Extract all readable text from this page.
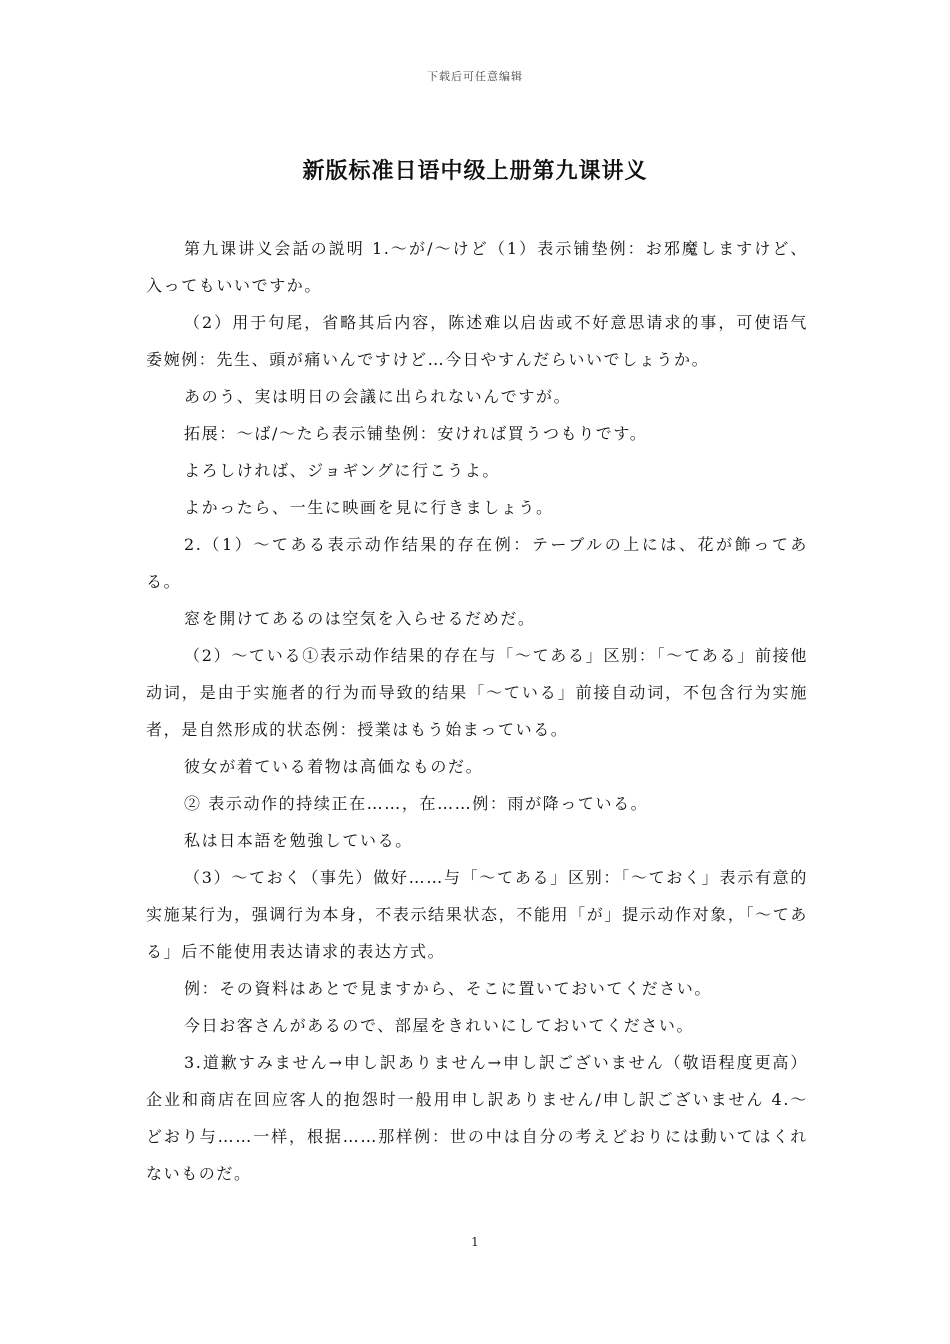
下载后可任意编辑
新版标准日语中级上册第九课讲义

第九课讲义会話の説明 1.～が/～けど（1）表示铺垫例：お邪魔しますけど、入ってもいいですか。

（2）用于句尾，省略其后内容，陈述难以启齿或不好意思请求的事，可使语气委婉例：先生、頭が痛いんですけど…今日やすんだらいいでしょうか。

あのう、実は明日の会議に出られないんですが。

拓展：～ば/～たら表示铺垫例：安ければ買うつもりです。

よろしければ、ジョギングに行こうよ。

よかったら、一生に映画を見に行きましょう。

2.（1）～てある表示动作结果的存在例：テーブルの上には、花が飾ってある。

窓を開けてあるのは空気を入らせるだめだ。

（2）～ている①表示动作结果的存在与「～てある」区别：「～てある」前接他动词，是由于实施者的行为而导致的结果「～ている」前接自动词，不包含行为实施者，是自然形成的状态例：授業はもう始まっている。

彼女が着ている着物は高価なものだ。

② 表示动作的持续正在……，在……例：雨が降っている。

私は日本語を勉強している。

（3）～ておく（事先）做好……与「～てある」区别：「～ておく」表示有意的实施某行为，强调行为本身，不表示结果状态，不能用「が」提示动作对象，「～てある」后不能使用表达请求的表达方式。

例：その資料はあとで見ますから、そこに置いておいてください。

今日お客さんがあるので、部屋をきれいにしておいてください。

3.道歉すみません→申し訳ありません→申し訳ございません（敬语程度更高）企业和商店在回应客人的抱怨时一般用申し訳ありません/申し訳ございません 4.～どおり与……一样，根据……那样例：世の中は自分の考えどおりには動いてはくれないものだ。

1
